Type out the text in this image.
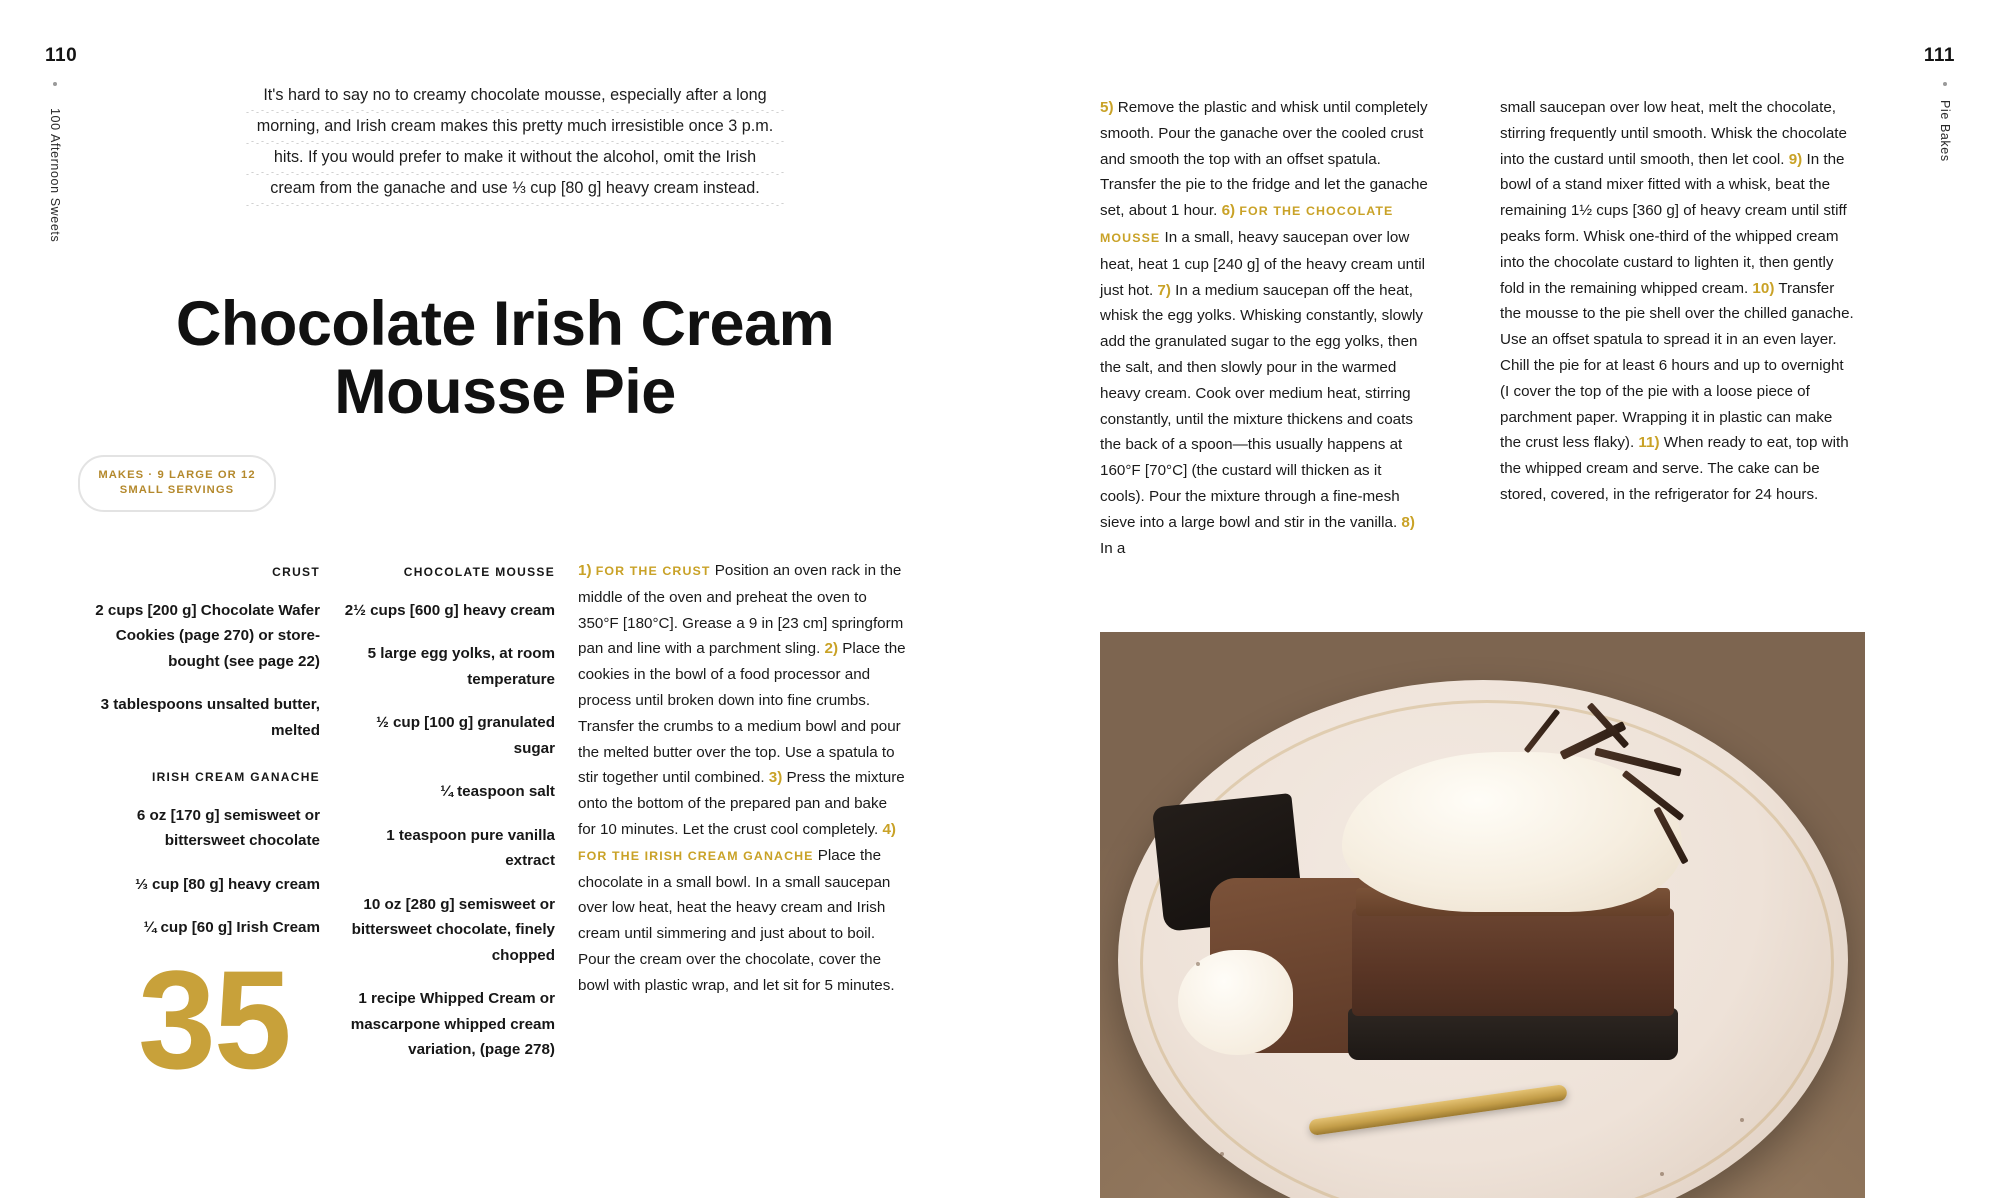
110
100 Afternoon Sweets
It's hard to say no to creamy chocolate mousse, especially after a long
morning, and Irish cream makes this pretty much irresistible once 3 p.m.
hits. If you would prefer to make it without the alcohol, omit the Irish
cream from the ganache and use ⅓ cup [80 g] heavy cream instead.
Chocolate Irish Cream Mousse Pie
MAKES · 9 LARGE OR 12 SMALL SERVINGS
CRUST
2 cups [200 g] Chocolate Wafer Cookies (page 270) or store-bought (see page 22)
3 tablespoons unsalted butter, melted
IRISH CREAM GANACHE
6 oz [170 g] semisweet or bittersweet chocolate
⅓ cup [80 g] heavy cream
¼ cup [60 g] Irish Cream
CHOCOLATE MOUSSE
2½ cups [600 g] heavy cream
5 large egg yolks, at room temperature
½ cup [100 g] granulated sugar
¼ teaspoon salt
1 teaspoon pure vanilla extract
10 oz [280 g] semisweet or bittersweet chocolate, finely chopped
1 recipe Whipped Cream or mascarpone whipped cream variation, (page 278)
1) FOR THE CRUST Position an oven rack in the middle of the oven and preheat the oven to 350°F [180°C]. Grease a 9 in [23 cm] springform pan and line with a parchment sling. 2) Place the cookies in the bowl of a food processor and process until broken down into fine crumbs. Transfer the crumbs to a medium bowl and pour the melted butter over the top. Use a spatula to stir together until combined. 3) Press the mixture onto the bottom of the prepared pan and bake for 10 minutes. Let the crust cool completely. 4) FOR THE IRISH CREAM GANACHE Place the chocolate in a small bowl. In a small saucepan over low heat, heat the heavy cream and Irish cream until simmering and just about to boil. Pour the cream over the chocolate, cover the bowl with plastic wrap, and let sit for 5 minutes.
35
111
Pie Bakes
5) Remove the plastic and whisk until completely smooth. Pour the ganache over the cooled crust and smooth the top with an offset spatula. Transfer the pie to the fridge and let the ganache set, about 1 hour. 6) FOR THE CHOCOLATE MOUSSE In a small, heavy saucepan over low heat, heat 1 cup [240 g] of the heavy cream until just hot. 7) In a medium saucepan off the heat, whisk the egg yolks. Whisking constantly, slowly add the granulated sugar to the egg yolks, then the salt, and then slowly pour in the warmed heavy cream. Cook over medium heat, stirring constantly, until the mixture thickens and coats the back of a spoon—this usually happens at 160°F [70°C] (the custard will thicken as it cools). Pour the mixture through a fine-mesh sieve into a large bowl and stir in the vanilla. 8) In a
small saucepan over low heat, melt the chocolate, stirring frequently until smooth. Whisk the chocolate into the custard until smooth, then let cool. 9) In the bowl of a stand mixer fitted with a whisk, beat the remaining 1½ cups [360 g] of heavy cream until stiff peaks form. Whisk one-third of the whipped cream into the chocolate custard to lighten it, then gently fold in the remaining whipped cream. 10) Transfer the mousse to the pie shell over the chilled ganache. Use an offset spatula to spread it in an even layer. Chill the pie for at least 6 hours and up to overnight (I cover the top of the pie with a loose piece of parchment paper. Wrapping it in plastic can make the crust less flaky). 11) When ready to eat, top with the whipped cream and serve. The cake can be stored, covered, in the refrigerator for 24 hours.
